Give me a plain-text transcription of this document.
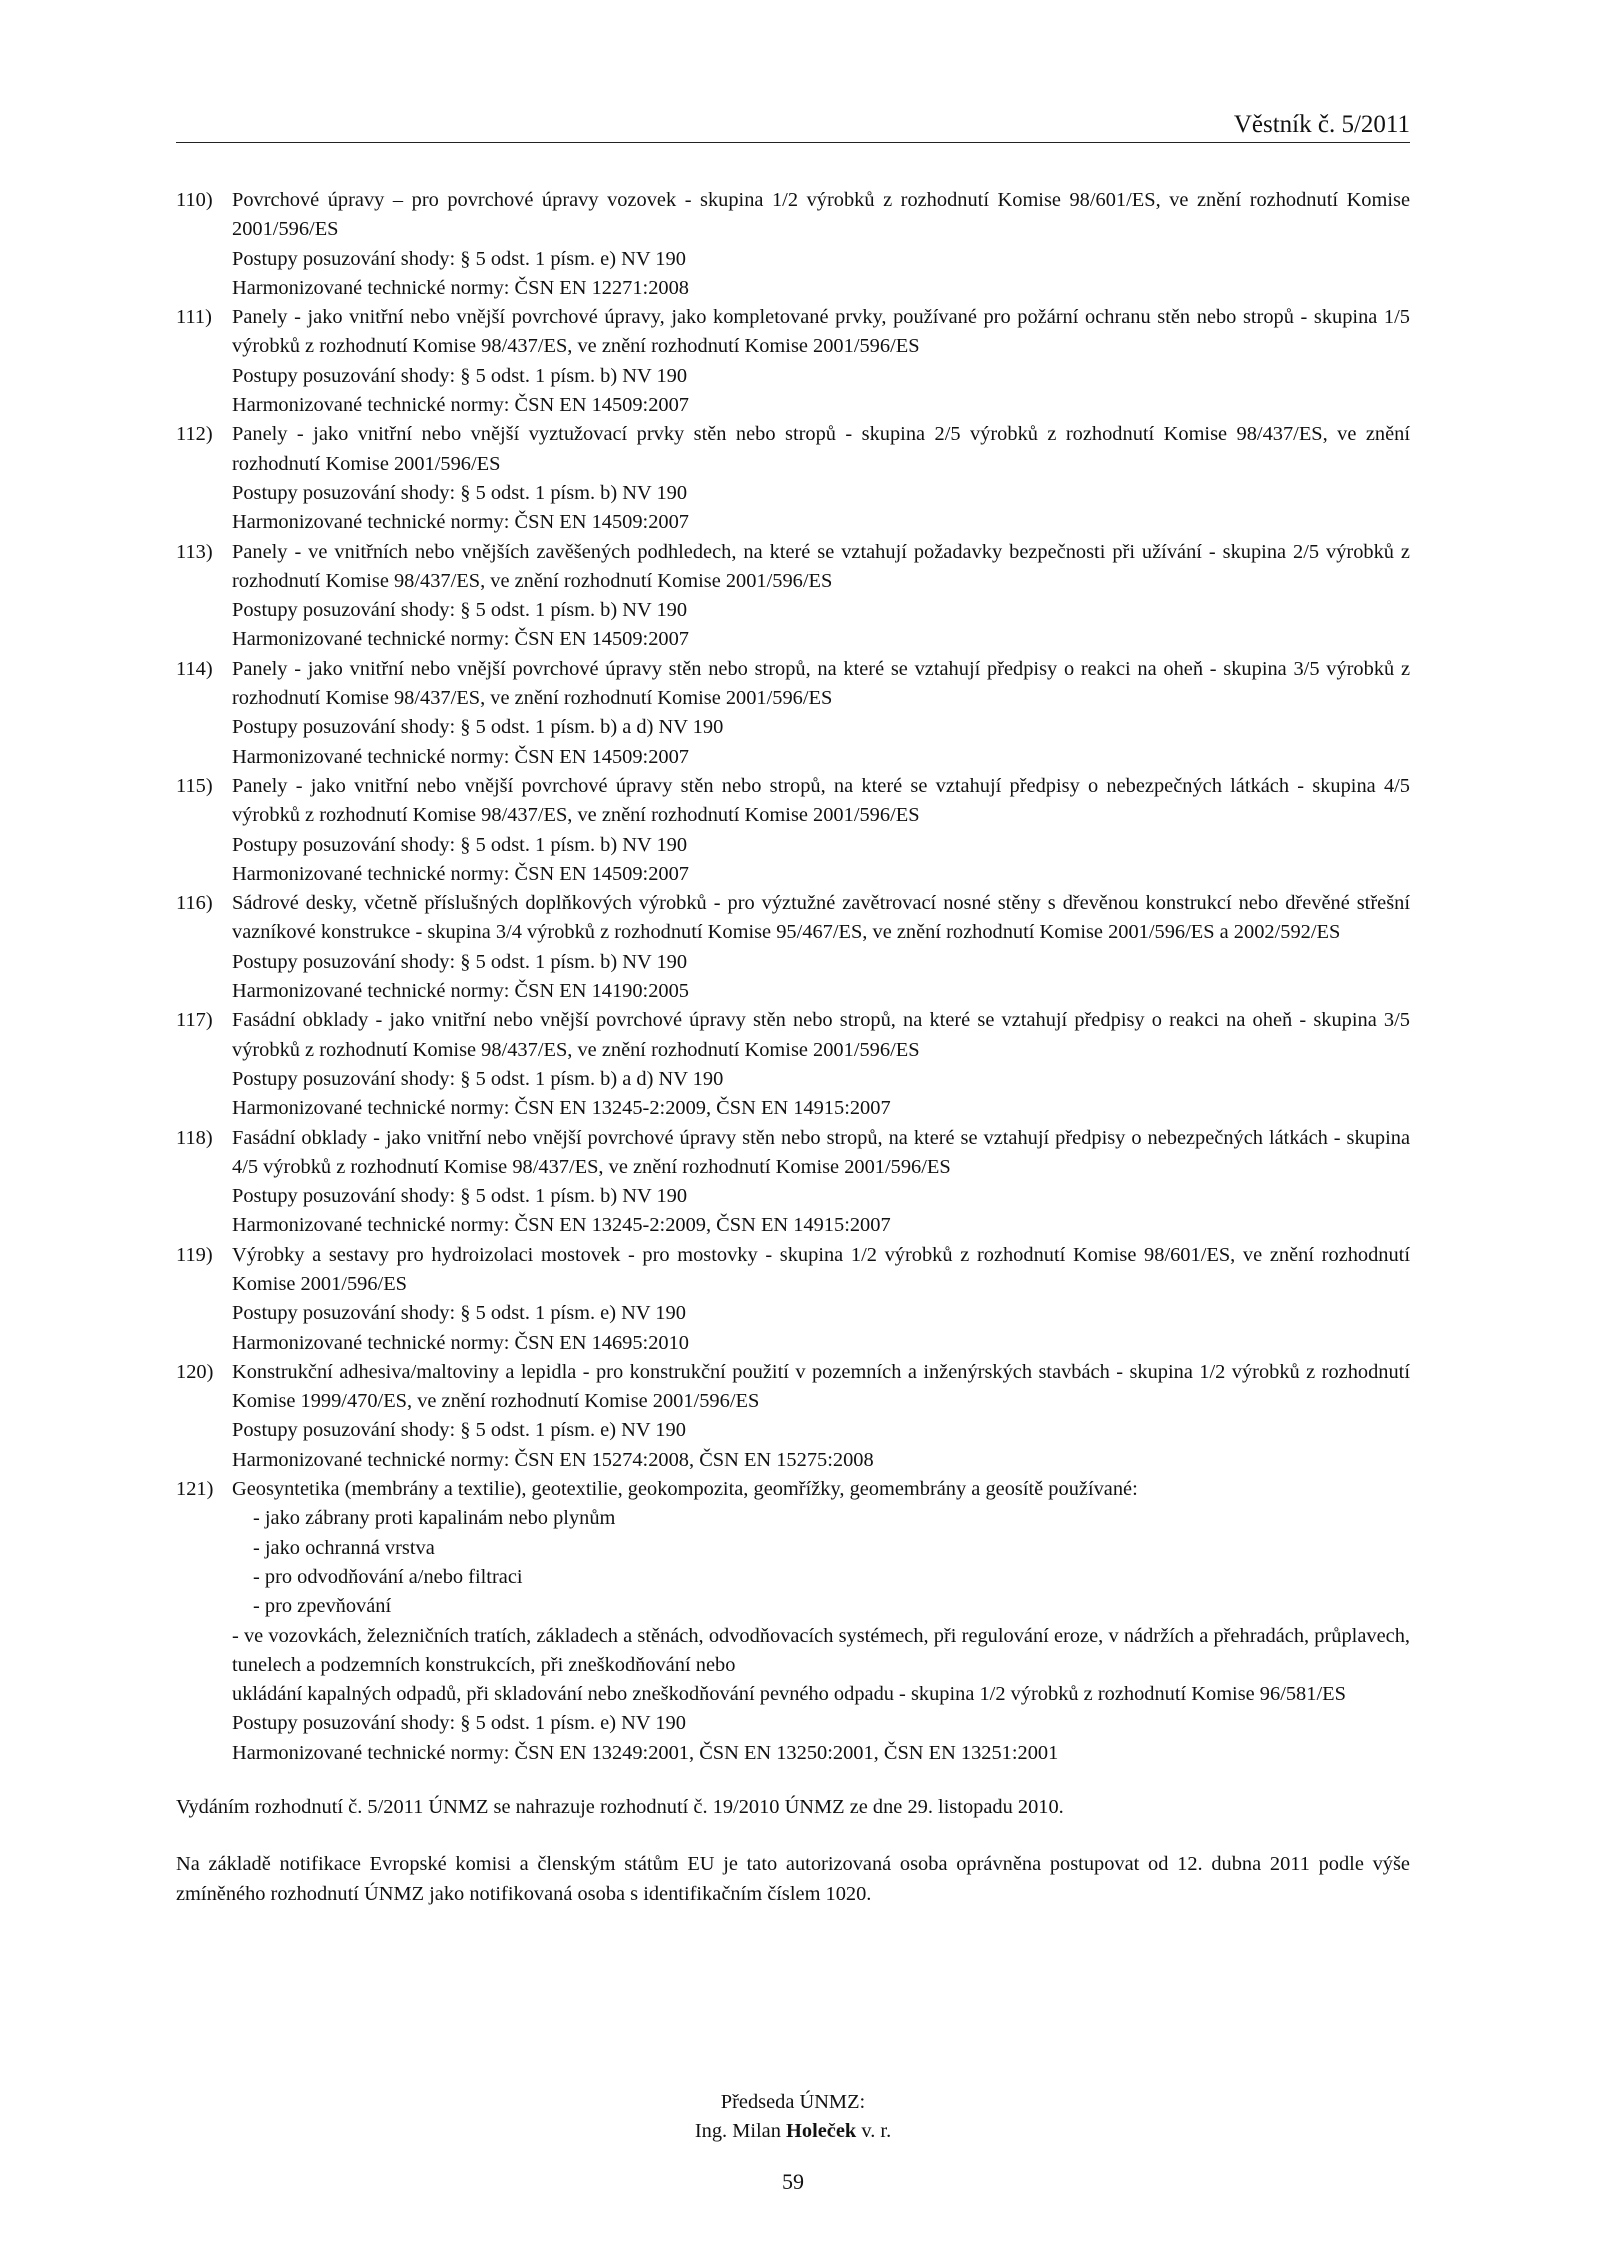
Věstník č. 5/2011
110) Povrchové úpravy – pro povrchové úpravy vozovek - skupina 1/2 výrobků z rozhodnutí Komise 98/601/ES, ve znění rozhodnutí Komise 2001/596/ES
Postupy posuzování shody: § 5 odst. 1 písm. e) NV 190
Harmonizované technické normy: ČSN EN 12271:2008
111) Panely - jako vnitřní nebo vnější povrchové úpravy, jako kompletované prvky, používané pro požární ochranu stěn nebo stropů - skupina 1/5 výrobků z rozhodnutí Komise 98/437/ES, ve znění rozhodnutí Komise 2001/596/ES
Postupy posuzování shody: § 5 odst. 1 písm. b) NV 190
Harmonizované technické normy: ČSN EN 14509:2007
112) Panely - jako vnitřní nebo vnější vyztužovací prvky stěn nebo stropů - skupina 2/5 výrobků z rozhodnutí Komise 98/437/ES, ve znění rozhodnutí Komise 2001/596/ES
Postupy posuzování shody: § 5 odst. 1 písm. b) NV 190
Harmonizované technické normy: ČSN EN 14509:2007
113) Panely - ve vnitřních nebo vnějších zavěšených podhledech, na které se vztahují požadavky bezpečnosti při užívání - skupina 2/5 výrobků z rozhodnutí Komise 98/437/ES, ve znění rozhodnutí Komise 2001/596/ES
Postupy posuzování shody: § 5 odst. 1 písm. b) NV 190
Harmonizované technické normy: ČSN EN 14509:2007
114) Panely - jako vnitřní nebo vnější povrchové úpravy stěn nebo stropů, na které se vztahují předpisy o reakci na oheň - skupina 3/5 výrobků z rozhodnutí Komise 98/437/ES, ve znění rozhodnutí Komise 2001/596/ES
Postupy posuzování shody: § 5 odst. 1 písm. b) a d) NV 190
Harmonizované technické normy: ČSN EN 14509:2007
115) Panely - jako vnitřní nebo vnější povrchové úpravy stěn nebo stropů, na které se vztahují předpisy o nebezpečných látkách - skupina 4/5 výrobků z rozhodnutí Komise 98/437/ES, ve znění rozhodnutí Komise 2001/596/ES
Postupy posuzování shody: § 5 odst. 1 písm. b) NV 190
Harmonizované technické normy: ČSN EN 14509:2007
116) Sádrové desky, včetně příslušných doplňkových výrobků - pro výztužné zavětrovací nosné stěny s dřevěnou konstrukcí nebo dřevěné střešní vazníkové konstrukce - skupina 3/4 výrobků z rozhodnutí Komise 95/467/ES, ve znění rozhodnutí Komise 2001/596/ES a 2002/592/ES
Postupy posuzování shody: § 5 odst. 1 písm. b) NV 190
Harmonizované technické normy: ČSN EN 14190:2005
117) Fasádní obklady - jako vnitřní nebo vnější povrchové úpravy stěn nebo stropů, na které se vztahují předpisy o reakci na oheň - skupina 3/5 výrobků z rozhodnutí Komise 98/437/ES, ve znění rozhodnutí Komise 2001/596/ES
Postupy posuzování shody: § 5 odst. 1 písm. b) a d) NV 190
Harmonizované technické normy: ČSN EN 13245-2:2009, ČSN EN 14915:2007
118) Fasádní obklady - jako vnitřní nebo vnější povrchové úpravy stěn nebo stropů, na které se vztahují předpisy o nebezpečných látkách - skupina 4/5 výrobků z rozhodnutí Komise 98/437/ES, ve znění rozhodnutí Komise 2001/596/ES
Postupy posuzování shody: § 5 odst. 1 písm. b) NV 190
Harmonizované technické normy: ČSN EN 13245-2:2009, ČSN EN 14915:2007
119) Výrobky a sestavy pro hydroizolaci mostovek - pro mostovky - skupina 1/2 výrobků z rozhodnutí Komise 98/601/ES, ve znění rozhodnutí Komise 2001/596/ES
Postupy posuzování shody: § 5 odst. 1 písm. e) NV 190
Harmonizované technické normy: ČSN EN 14695:2010
120) Konstrukční adhesiva/maltoviny a lepidla - pro konstrukční použití v pozemních a inženýrských stavbách - skupina 1/2 výrobků z rozhodnutí Komise 1999/470/ES, ve znění rozhodnutí Komise 2001/596/ES
Postupy posuzování shody: § 5 odst. 1 písm. e) NV 190
Harmonizované technické normy: ČSN EN 15274:2008, ČSN EN 15275:2008
121) Geosyntetika (membrány a textilie), geotextilie, geokompozita, geomřížky, geomembrány a geosítě používané:
- jako zábrany proti kapalinám nebo plynům
- jako ochranná vrstva
- pro odvodňování a/nebo filtraci
- pro zpevňování
- ve vozovkách, železničních tratích, základech a stěnách, odvodňovacích systémech, při regulování eroze, v nádržích a přehradách, průplavech, tunelech a podzemních konstrukcích, při zneškodňování nebo
ukládání kapalných odpadů, při skladování nebo zneškodňování pevného odpadu - skupina 1/2 výrobků z rozhodnutí Komise 96/581/ES
Postupy posuzování shody: § 5 odst. 1 písm. e) NV 190
Harmonizované technické normy: ČSN EN 13249:2001, ČSN EN 13250:2001, ČSN EN 13251:2001

Vydáním rozhodnutí č. 5/2011 ÚNMZ se nahrazuje rozhodnutí č. 19/2010 ÚNMZ ze dne 29. listopadu 2010.

Na základě notifikace Evropské komisi a členským státům EU je tato autorizovaná osoba oprávněna postupovat od 12. dubna 2011 podle výše zmíněného rozhodnutí ÚNMZ jako notifikovaná osoba s identifikačním číslem 1020.

Předseda ÚNMZ:
Ing. Milan Holeček v. r.
59
